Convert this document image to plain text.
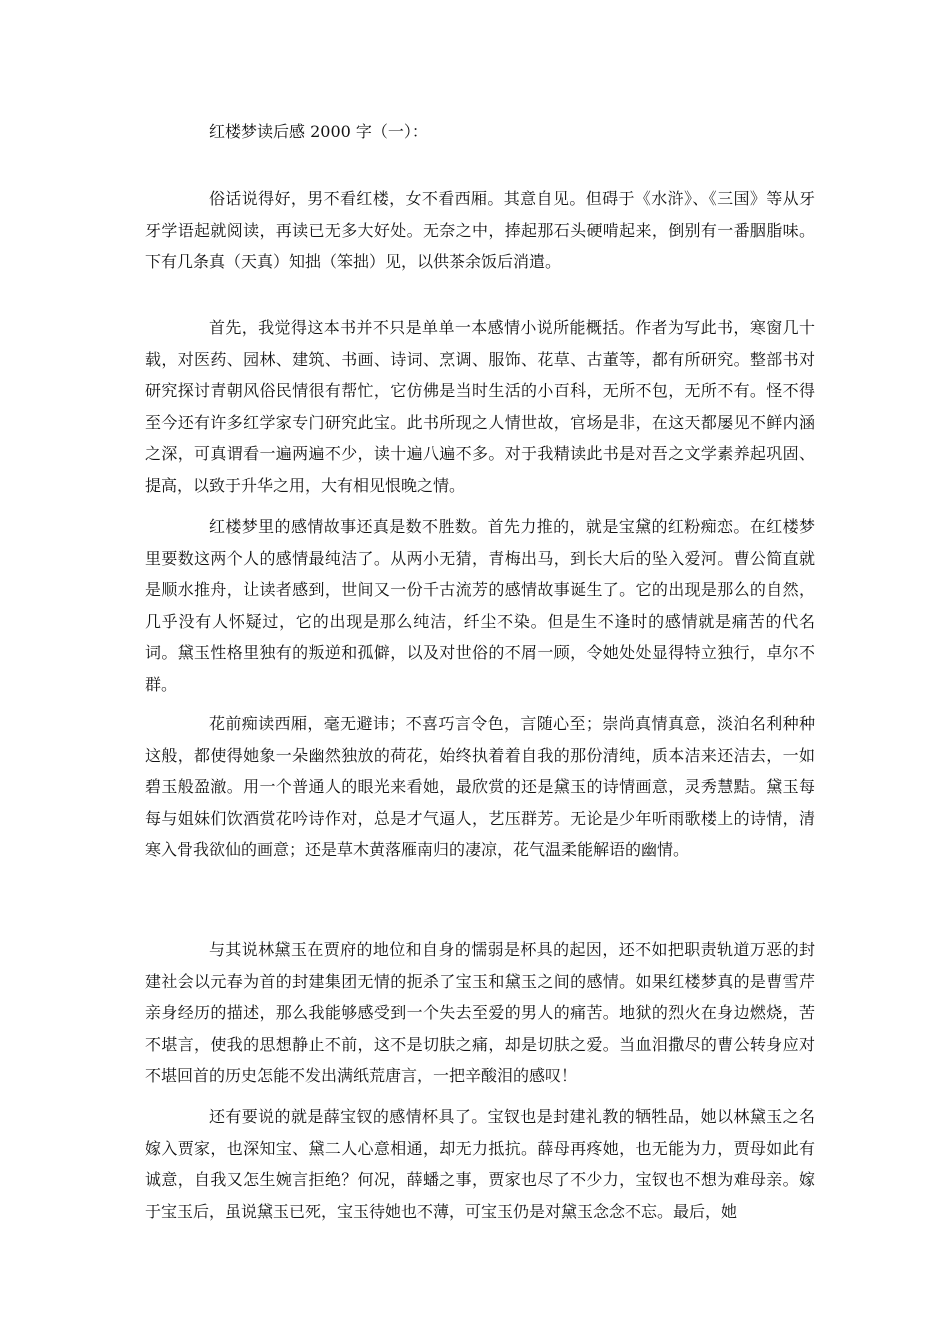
红楼梦读后感 2000 字（一）：

俗话说得好，男不看红楼，女不看西厢。其意自见。但碍于《水浒》、《三国》等从牙牙学语起就阅读，再读已无多大好处。无奈之中，捧起那石头硬啃起来，倒别有一番胭脂味。下有几条真（天真）知拙（笨拙）见，以供茶余饭后消遣。

首先，我觉得这本书并不只是单单一本感情小说所能概括。作者为写此书，寒窗几十载，对医药、园林、建筑、书画、诗词、烹调、服饰、花草、古董等，都有所研究。整部书对研究探讨青朝风俗民情很有帮忙，它仿佛是当时生活的小百科，无所不包，无所不有。怪不得至今还有许多红学家专门研究此宝。此书所现之人情世故，官场是非，在这天都屡见不鲜内涵之深，可真谓看一遍两遍不少，读十遍八遍不多。对于我精读此书是对吾之文学素养起巩固、提高，以致于升华之用，大有相见恨晚之情。

红楼梦里的感情故事还真是数不胜数。首先力推的，就是宝黛的红粉痴恋。在红楼梦里要数这两个人的感情最纯洁了。从两小无猜，青梅出马，到长大后的坠入爱河。曹公简直就是顺水推舟，让读者感到，世间又一份千古流芳的感情故事诞生了。它的出现是那么的自然，几乎没有人怀疑过，它的出现是那么纯洁，纤尘不染。但是生不逢时的感情就是痛苦的代名词。黛玉性格里独有的叛逆和孤僻，以及对世俗的不屑一顾，令她处处显得特立独行，卓尔不群。

花前痴读西厢，毫无避讳；不喜巧言令色，言随心至；崇尚真情真意，淡泊名利种种这般，都使得她象一朵幽然独放的荷花，始终执着着自我的那份清纯，质本洁来还洁去，一如碧玉般盈澈。用一个普通人的眼光来看她，最欣赏的还是黛玉的诗情画意，灵秀慧黠。黛玉每每与姐妹们饮酒赏花吟诗作对，总是才气逼人，艺压群芳。无论是少年听雨歌楼上的诗情，清寒入骨我欲仙的画意；还是草木黄落雁南归的凄凉，花气温柔能解语的幽情。

与其说林黛玉在贾府的地位和自身的懦弱是杯具的起因，还不如把职责轨道万恶的封建社会以元春为首的封建集团无情的扼杀了宝玉和黛玉之间的感情。如果红楼梦真的是曹雪芹亲身经历的描述，那么我能够感受到一个失去至爱的男人的痛苦。地狱的烈火在身边燃烧，苦不堪言，使我的思想静止不前，这不是切肤之痛，却是切肤之爱。当血泪撒尽的曹公转身应对不堪回首的历史怎能不发出满纸荒唐言，一把辛酸泪的感叹！

还有要说的就是薛宝钗的感情杯具了。宝钗也是封建礼教的牺牲品，她以林黛玉之名嫁入贾家，也深知宝、黛二人心意相通，却无力抵抗。薛母再疼她，也无能为力，贾母如此有诚意，自我又怎生婉言拒绝？何况，薛蟠之事，贾家也尽了不少力，宝钗也不想为难母亲。嫁于宝玉后，虽说黛玉已死，宝玉待她也不薄，可宝玉仍是对黛玉念念不忘。最后，她
